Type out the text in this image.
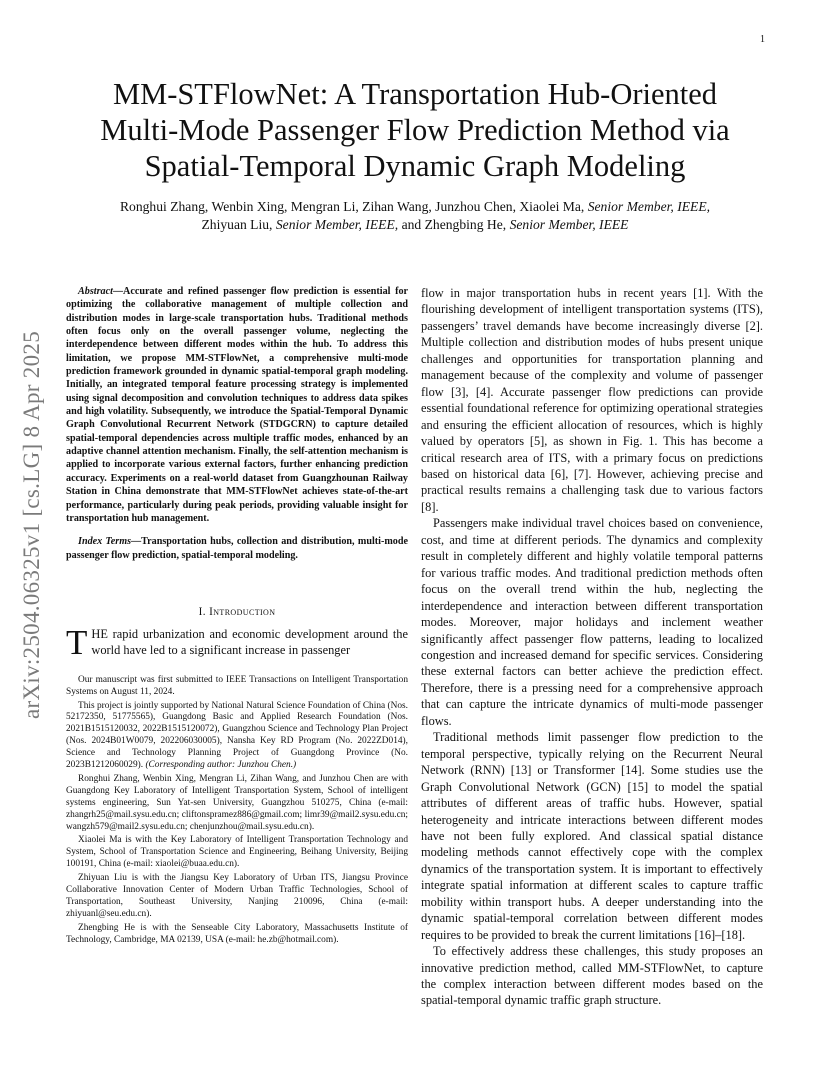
1
arXiv:2504.06325v1 [cs.LG] 8 Apr 2025
MM-STFlowNet: A Transportation Hub-Oriented
Multi-Mode Passenger Flow Prediction Method via
Spatial-Temporal Dynamic Graph Modeling

Ronghui Zhang, Wenbin Xing, Mengran Li, Zihan Wang, Junzhou Chen, Xiaolei Ma, Senior Member, IEEE,
Zhiyuan Liu, Senior Member, IEEE, and Zhengbing He, Senior Member, IEEE

Abstract—Accurate and refined passenger flow prediction is essential for optimizing the collaborative management of multiple collection and distribution modes in large-scale transportation hubs. Traditional methods often focus only on the overall passenger volume, neglecting the interdependence between different modes within the hub. To address this limitation, we propose MM-STFlowNet, a comprehensive multi-mode prediction framework grounded in dynamic spatial-temporal graph modeling. Initially, an integrated temporal feature processing strategy is implemented using signal decomposition and convolution techniques to address data spikes and high volatility. Subsequently, we introduce the Spatial-Temporal Dynamic Graph Convolutional Recurrent Network (STDGCRN) to capture detailed spatial-temporal dependencies across multiple traffic modes, enhanced by an adaptive channel attention mechanism. Finally, the self-attention mechanism is applied to incorporate various external factors, further enhancing prediction accuracy. Experiments on a real-world dataset from Guangzhounan Railway Station in China demonstrate that MM-STFlowNet achieves state-of-the-art performance, particularly during peak periods, providing valuable insight for transportation hub management.

Index Terms—Transportation hubs, collection and distribution, multi-mode passenger flow prediction, spatial-temporal modeling.

I. Introduction

THE rapid urbanization and economic development around the world have led to a significant increase in passenger

Our manuscript was first submitted to IEEE Transactions on Intelligent Transportation Systems on August 11, 2024.

This project is jointly supported by National Natural Science Foundation of China (Nos. 52172350, 51775565), Guangdong Basic and Applied Research Foundation (Nos. 2021B1515120032, 2022B1515120072), Guangzhou Science and Technology Plan Project (Nos. 2024B01W0079, 202206030005), Nansha Key RD Program (No. 2022ZD014), Science and Technology Planning Project of Guangdong Province (No. 2023B1212060029). (Corresponding author: Junzhou Chen.)

Ronghui Zhang, Wenbin Xing, Mengran Li, Zihan Wang, and Junzhou Chen are with Guangdong Key Laboratory of Intelligent Transportation System, School of intelligent systems engineering, Sun Yat-sen University, Guangzhou 510275, China (e-mail: zhangrh25@mail.sysu.edu.cn; cliftonspramez886@gmail.com; limr39@mail2.sysu.edu.cn; wangzh579@mail2.sysu.edu.cn; chenjunzhou@mail.sysu.edu.cn).

Xiaolei Ma is with the Key Laboratory of Intelligent Transportation Technology and System, School of Transportation Science and Engineering, Beihang University, Beijing 100191, China (e-mail: xiaolei@buaa.edu.cn).

Zhiyuan Liu is with the Jiangsu Key Laboratory of Urban ITS, Jiangsu Province Collaborative Innovation Center of Modern Urban Traffic Technologies, School of Transportation, Southeast University, Nanjing 210096, China (e-mail: zhiyuanl@seu.edu.cn).

Zhengbing He is with the Senseable City Laboratory, Massachusetts Institute of Technology, Cambridge, MA 02139, USA (e-mail: he.zb@hotmail.com).

flow in major transportation hubs in recent years [1]. With the flourishing development of intelligent transportation systems (ITS), passengers’ travel demands have become increasingly diverse [2]. Multiple collection and distribution modes of hubs present unique challenges and opportunities for transportation planning and management because of the complexity and volume of passenger flow [3], [4]. Accurate passenger flow predictions can provide essential foundational reference for optimizing operational strategies and ensuring the efficient allocation of resources, which is highly valued by operators [5], as shown in Fig. 1. This has become a critical research area of ITS, with a primary focus on predictions based on historical data [6], [7]. However, achieving precise and practical results remains a challenging task due to various factors [8].

Passengers make individual travel choices based on convenience, cost, and time at different periods. The dynamics and complexity result in completely different and highly volatile temporal patterns for various traffic modes. And traditional prediction methods often focus on the overall trend within the hub, neglecting the interdependence and interaction between different transportation modes. Moreover, major holidays and inclement weather significantly affect passenger flow patterns, leading to localized congestion and increased demand for specific services. Considering these external factors can better achieve the prediction effect. Therefore, there is a pressing need for a comprehensive approach that can capture the intricate dynamics of multi-mode passenger flows.

Traditional methods limit passenger flow prediction to the temporal perspective, typically relying on the Recurrent Neural Network (RNN) [13] or Transformer [14]. Some studies use the Graph Convolutional Network (GCN) [15] to model the spatial attributes of different areas of traffic hubs. However, spatial heterogeneity and intricate interactions between different modes have not been fully explored. And classical spatial distance modeling methods cannot effectively cope with the complex dynamics of the transportation system. It is important to effectively integrate spatial information at different scales to capture traffic mobility within transport hubs. A deeper understanding into the dynamic spatial-temporal correlation between different modes requires to be provided to break the current limitations [16]–[18].

To effectively address these challenges, this study proposes an innovative prediction method, called MM-STFlowNet, to capture the complex interaction between different modes based on the spatial-temporal dynamic traffic graph structure.
